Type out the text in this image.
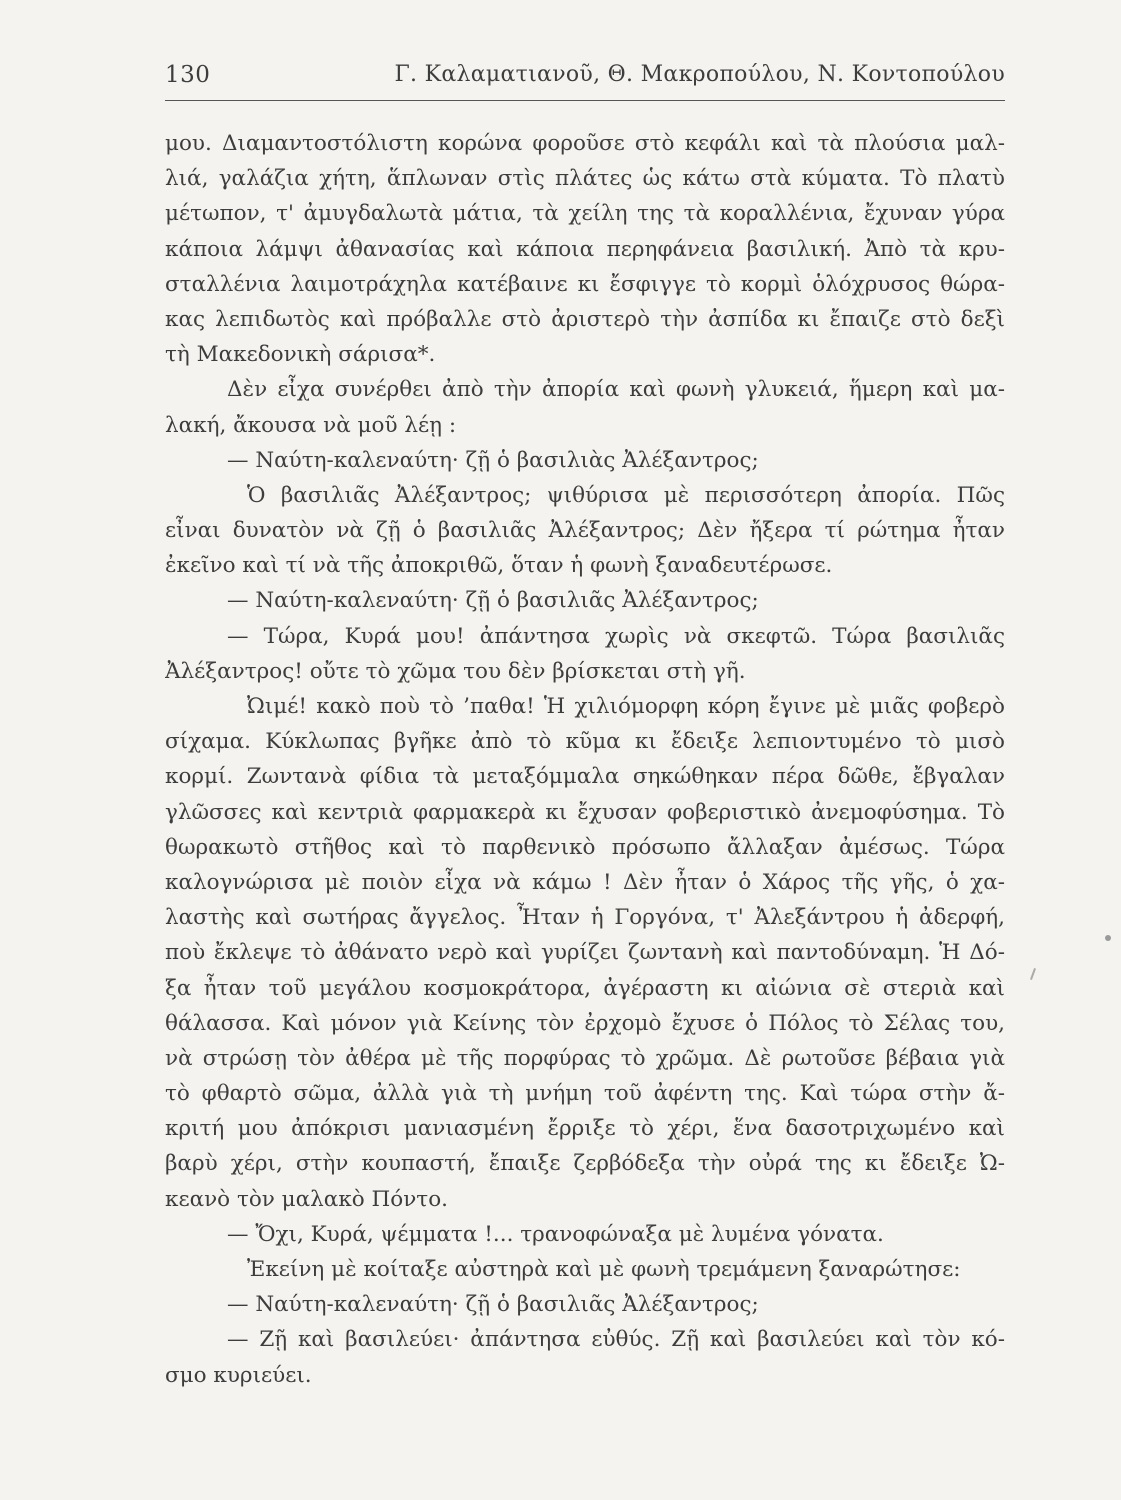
130	Γ. Καλαματιανοῦ, Θ. Μακροπούλου, Ν. Κοντοπούλου
μου. Διαμαντοστόλιστη κορώνα φοροῦσε στὸ κεφάλι καὶ τὰ πλούσια μαλ-
λιά, γαλάζια χήτη, ἅπλωναν στὶς πλάτες ὡς κάτω στὰ κύματα. Τὸ πλατὺ
μέτωπον, τ' ἀμυγδαλωτὰ μάτια, τὰ χείλη της τὰ κοραλλένια, ἔχυναν γύρα
κάποια λάμψι ἀθανασίας καὶ κάποια περηφάνεια βασιλική. Ἀπὸ τὰ κρυ-
σταλλένια λαιμοτράχηλα κατέβαινε κι ἔσφιγγε τὸ κορμὶ ὁλόχρυσος θώρα-
κας λεπιδωτὸς καὶ πρόβαλλε στὸ ἀριστερὸ τὴν ἀσπίδα κι ἔπαιζε στὸ δεξὶ
τὴ Μακεδονικὴ σάρισα*.
Δὲν εἶχα συνέρθει ἀπὸ τὴν ἀπορία καὶ φωνὴ γλυκειά, ἥμερη καὶ μα-
λακή, ἄκουσα νὰ μοῦ λέῃ :
— Ναύτη-καλεναύτη· ζῇ ὁ βασιλιὰς Ἀλέξαντρος;
Ὁ βασιλιᾶς Ἀλέξαντρος; ψιθύρισα μὲ περισσότερη ἀπορία. Πῶς
εἶναι δυνατὸν νὰ ζῇ ὁ βασιλιᾶς Ἀλέξαντρος; Δὲν ἤξερα τί ρώτημα ἦταν
ἐκεῖνο καὶ τί νὰ τῆς ἀποκριθῶ, ὅταν ἡ φωνὴ ξαναδευτέρωσε.
— Ναύτη-καλεναύτη· ζῇ ὁ βασιλιᾶς Ἀλέξαντρος;
— Τώρα, Κυρά μου! ἀπάντησα χωρὶς νὰ σκεφτῶ. Τώρα βασιλιᾶς
Ἀλέξαντρος! οὔτε τὸ χῶμα του δὲν βρίσκεται στὴ γῆ.
Ὠιμέ! κακὸ ποὺ τὸ ’παθα! Ἡ χιλιόμορφη κόρη ἔγινε μὲ μιᾶς φοβερὸ
σίχαμα. Κύκλωπας βγῆκε ἀπὸ τὸ κῦμα κι ἔδειξε λεπιοντυμένο τὸ μισὸ
κορμί. Ζωντανὰ φίδια τὰ μεταξόμμαλα σηκώθηκαν πέρα δῶθε, ἔβγαλαν
γλῶσσες καὶ κεντριὰ φαρμακερὰ κι ἔχυσαν φοβεριστικὸ ἀνεμοφύσημα. Τὸ
θωρακωτὸ στῆθος καὶ τὸ παρθενικὸ πρόσωπο ἄλλαξαν ἀμέσως. Τώρα
καλογνώρισα μὲ ποιὸν εἶχα νὰ κάμω ! Δὲν ἦταν ὁ Χάρος τῆς γῆς, ὁ χα-
λαστὴς καὶ σωτήρας ἄγγελος. Ἦταν ἡ Γοργόνα, τ' Ἀλεξάντρου ἡ ἀδερφή,
ποὺ ἔκλεψε τὸ ἀθάνατο νερὸ καὶ γυρίζει ζωντανὴ καὶ παντοδύναμη. Ἡ Δό-
ξα ἦταν τοῦ μεγάλου κοσμοκράτορα, ἀγέραστη κι αἰώνια σὲ στεριὰ καὶ
θάλασσα. Καὶ μόνον γιὰ Κείνης τὸν ἐρχομὸ ἔχυσε ὁ Πόλος τὸ Σέλας του,
νὰ στρώσῃ τὸν ἀθέρα μὲ τῆς πορφύρας τὸ χρῶμα. Δὲ ρωτοῦσε βέβαια γιὰ
τὸ φθαρτὸ σῶμα, ἀλλὰ γιὰ τὴ μνήμη τοῦ ἀφέντη της. Καὶ τώρα στὴν ἄ-
κριτή μου ἀπόκρισι μανιασμένη ἔρριξε τὸ χέρι, ἕνα δασοτριχωμένο καὶ
βαρὺ χέρι, στὴν κουπαστή, ἔπαιξε ζερβόδεξα τὴν οὐρά της κι ἔδειξε Ὠ-
κεανὸ τὸν μαλακὸ Πόντο.
— Ὄχι, Κυρά, ψέμματα !... τρανοφώναξα μὲ λυμένα γόνατα.
Ἐκείνη μὲ κοίταξε αὐστηρὰ καὶ μὲ φωνὴ τρεμάμενη ξαναρώτησε:
— Ναύτη-καλεναύτη· ζῇ ὁ βασιλιᾶς Ἀλέξαντρος;
— Ζῇ καὶ βασιλεύει· ἀπάντησα εὐθύς. Ζῇ καὶ βασιλεύει καὶ τὸν κό-
σμο κυριεύει.
